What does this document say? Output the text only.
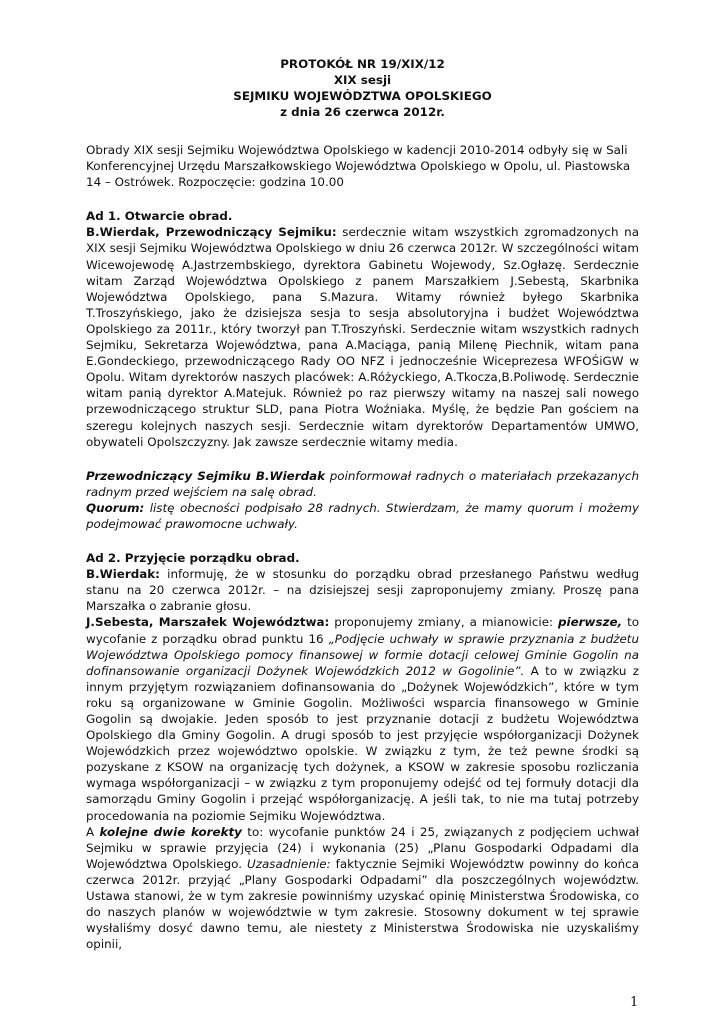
PROTOKÓŁ NR 19/XIX/12
XIX sesji
SEJMIKU WOJEWÓDZTWA OPOLSKIEGO
z dnia 26 czerwca 2012r.

Obrady XIX sesji Sejmiku Województwa Opolskiego w kadencji 2010-2014 odbyły się w Sali Konferencyjnej Urzędu Marszałkowskiego Województwa Opolskiego w Opolu, ul. Piastowska 14 – Ostrówek. Rozpoczęcie: godzina 10.00

Ad 1. Otwarcie obrad.

B.Wierdak, Przewodniczący Sejmiku: serdecznie witam wszystkich zgromadzonych na XIX sesji Sejmiku Województwa Opolskiego w dniu 26 czerwca 2012r. W szczególności witam Wicewojewodę A.Jastrzembskiego, dyrektora Gabinetu Wojewody, Sz.Ogłazę. Serdecznie witam Zarząd Województwa Opolskiego z panem Marszałkiem J.Sebestą, Skarbnika Województwa Opolskiego, pana S.Mazura. Witamy również byłego Skarbnika T.Troszyńskiego, jako że dzisiejsza sesja to sesja absolutoryjna i budżet Województwa Opolskiego za 2011r., który tworzył pan T.Troszyński. Serdecznie witam wszystkich radnych Sejmiku, Sekretarza Województwa, pana A.Maciąga, panią Milenę Piechnik, witam pana E.Gondeckiego, przewodniczącego Rady OO NFZ i jednocześnie Wiceprezesa WFOŚiGW w Opolu. Witam dyrektorów naszych placówek: A.Różyckiego, A.Tkocza,B.Poliwodę. Serdecznie witam panią dyrektor A.Matejuk. Również po raz pierwszy witamy na naszej sali nowego przewodniczącego struktur SLD, pana Piotra Woźniaka. Myślę, że będzie Pan gościem na szeregu kolejnych naszych sesji. Serdecznie witam dyrektorów Departamentów UMWO, obywateli Opolszczyzny. Jak zawsze serdecznie witamy media.

Przewodniczący Sejmiku B.Wierdak poinformował radnych o materiałach przekazanych radnym przed wejściem na salę obrad.

Quorum: listę obecności podpisało 28 radnych. Stwierdzam, że mamy quorum i możemy podejmować prawomocne uchwały.

Ad 2. Przyjęcie porządku obrad.

B.Wierdak: informuję, że w stosunku do porządku obrad przesłanego Państwu według stanu na 20 czerwca 2012r. – na dzisiejszej sesji zaproponujemy zmiany. Proszę pana Marszałka o zabranie głosu.

J.Sebesta, Marszałek Województwa: proponujemy zmiany, a mianowicie: pierwsze, to wycofanie z porządku obrad punktu 16 „Podjęcie uchwały w sprawie przyznania z budżetu Województwa Opolskiego pomocy finansowej w formie dotacji celowej Gminie Gogolin na dofinansowanie organizacji Dożynek Wojewódzkich 2012 w Gogolinie”. A to w związku z innym przyjętym rozwiązaniem dofinansowania do „Dożynek Wojewódzkich”, które w tym roku są organizowane w Gminie Gogolin. Możliwości wsparcia finansowego w Gminie Gogolin są dwojakie. Jeden sposób to jest przyznanie dotacji z budżetu Województwa Opolskiego dla Gminy Gogolin. A drugi sposób to jest przyjęcie współorganizacji Dożynek Wojewódzkich przez województwo opolskie. W związku z tym, że też pewne środki są pozyskane z KSOW na organizację tych dożynek, a KSOW w zakresie sposobu rozliczania wymaga współorganizacji – w związku z tym proponujemy odejść od tej formuły dotacji dla samorządu Gminy Gogolin i przejąć współorganizację. A jeśli tak, to nie ma tutaj potrzeby procedowania na poziomie Sejmiku Województwa.

A kolejne dwie korekty to: wycofanie punktów 24 i 25, związanych z podjęciem uchwał Sejmiku w sprawie przyjęcia (24) i wykonania (25) „Planu Gospodarki Odpadami dla Województwa Opolskiego. Uzasadnienie: faktycznie Sejmiki Województw powinny do końca czerwca 2012r. przyjąć „Plany Gospodarki Odpadami” dla poszczególnych województw. Ustawa stanowi, że w tym zakresie powinniśmy uzyskać opinię Ministerstwa Środowiska, co do naszych planów w województwie w tym zakresie. Stosowny dokument w tej sprawie wysłaliśmy dosyć dawno temu, ale niestety z Ministerstwa Środowiska nie uzyskaliśmy opinii,

1
